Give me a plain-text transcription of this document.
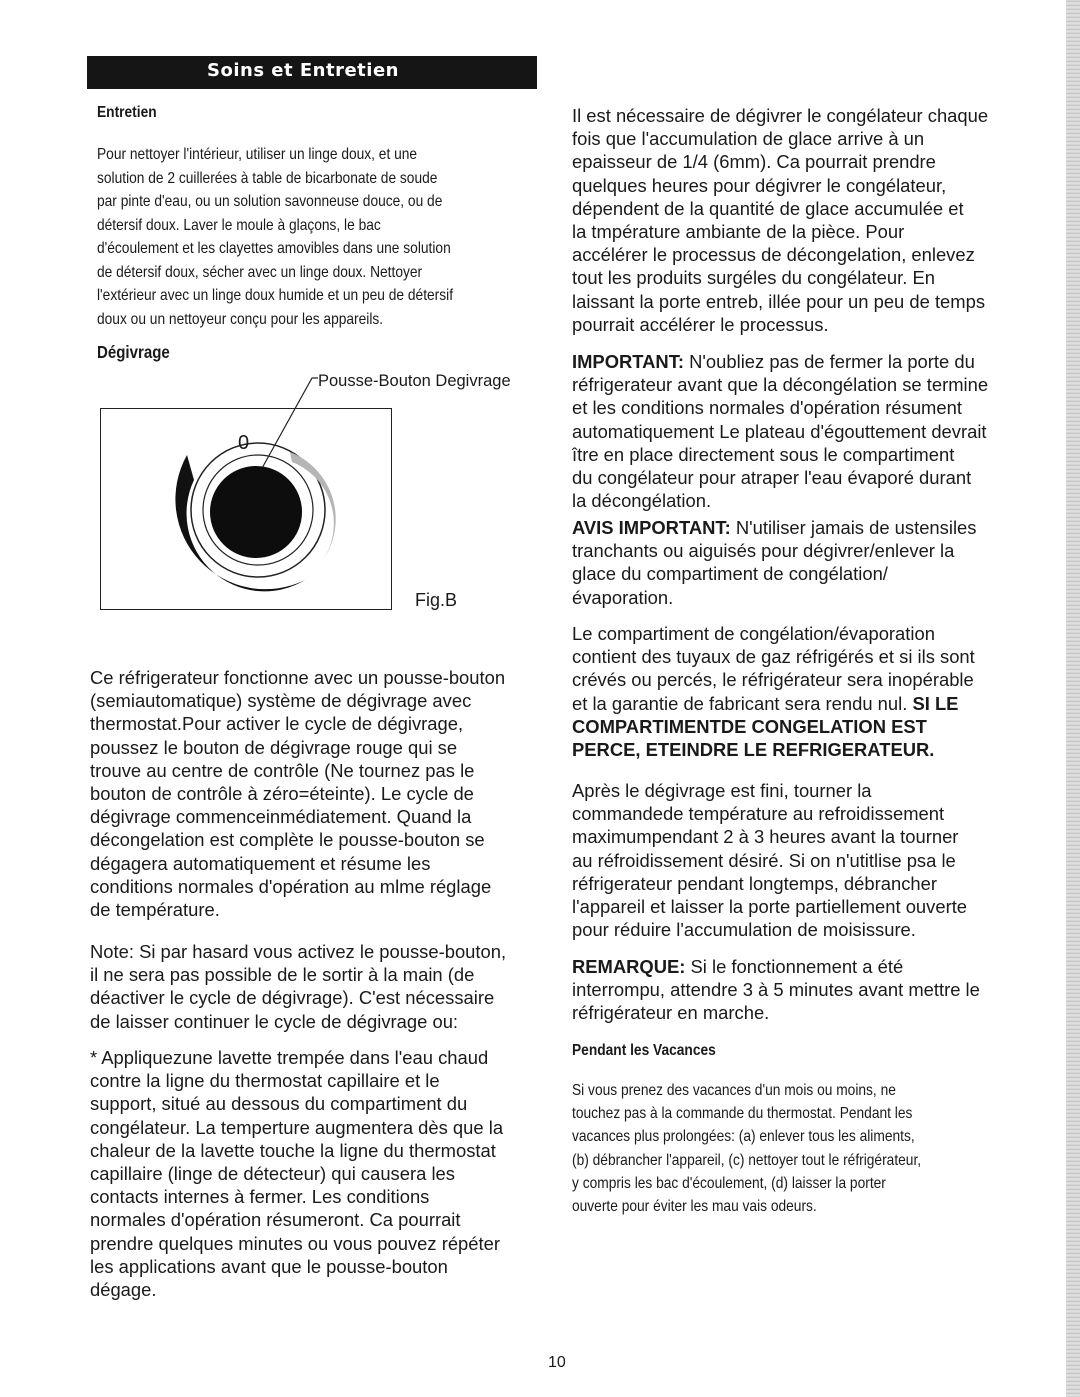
Soins et Entretien
Entretien
Pour nettoyer l'intérieur, utiliser un linge doux, et une
solution de 2 cuillerées à table de bicarbonate de soude
par pinte d'eau, ou un solution savonneuse douce, ou de
détersif doux. Laver le moule à glaçons, le bac
d'écoulement et les clayettes amovibles dans une solution
de détersif doux, sécher avec un linge doux. Nettoyer
l'extérieur avec un linge doux humide et un peu de détersif
doux ou un nettoyeur conçu pour les appareils.
Dégivrage
Pousse-Bouton Degivrage
0
Fig.B
Ce réfrigerateur fonctionne avec un pousse-bouton
(semiautomatique) système de dégivrage avec
thermostat.Pour activer le cycle de dégivrage,
poussez le bouton de dégivrage rouge qui se
trouve au centre de contrôle (Ne tournez pas le
bouton de contrôle à zéro=éteinte). Le cycle de
dégivrage commenceinmédiatement. Quand la
décongelation est complète le pousse-bouton se
dégagera automatiquement et résume les
conditions normales d'opération au mlme réglage
de température.
Note: Si par hasard vous activez le pousse-bouton,
il ne sera pas possible de le sortir à la main (de
déactiver le cycle de dégivrage). C'est nécessaire
de laisser continuer le cycle de dégivrage ou:
* Appliquezune lavette trempée dans l'eau chaud
contre la ligne du thermostat capillaire et le
support, situé au dessous du compartiment du
congélateur. La temperture augmentera dès que la
chaleur de la lavette touche la ligne du thermostat
capillaire (linge de détecteur) qui causera les
contacts internes à fermer. Les conditions
normales d'opération résumeront. Ca pourrait
prendre quelques minutes ou vous pouvez répéter
les applications avant que le pousse-bouton
dégage.
Il est nécessaire de dégivrer le congélateur chaque
fois que l'accumulation de glace arrive à un
epaisseur de 1/4 (6mm). Ca pourrait prendre
quelques heures pour dégivrer le congélateur,
dépendent de la quantité de glace accumulée et
la tmpérature ambiante de la pièce. Pour
accélérer le processus de décongelation, enlevez
tout les produits surgéles du congélateur. En
laissant la porte entreb, illée pour un peu de temps
pourrait accélérer le processus.
IMPORTANT: N'oubliez pas de fermer la porte du
réfrigerateur avant que la décongélation se termine
et les conditions normales d'opération résument
automatiquement Le plateau d'égouttement devrait
ître en place directement sous le compartiment
du congélateur pour atraper l'eau évaporé durant
la décongélation.
AVIS IMPORTANT: N'utiliser jamais de ustensiles
tranchants ou aiguisés pour dégivrer/enlever la
glace du compartiment de congélation/
évaporation.
Le compartiment de congélation/évaporation
contient des tuyaux de gaz réfrigérés et si ils sont
crévés ou percés, le réfrigérateur sera inopérable
et la garantie de fabricant sera rendu nul. SI LE
COMPARTIMENTDE CONGELATION EST
PERCE, ETEINDRE LE REFRIGERATEUR.
Après le dégivrage est fini, tourner la
commandede température au refroidissement
maximumpendant 2 à 3 heures avant la tourner
au réfroidissement désiré. Si on n'utitlise psa le
réfrigerateur pendant longtemps, débrancher
l'appareil et laisser la porte partiellement ouverte
pour réduire l'accumulation de moisissure.
REMARQUE: Si le fonctionnement a été
interrompu, attendre 3 à 5 minutes avant mettre le
réfrigérateur en marche.
Pendant les Vacances
Si vous prenez des vacances d'un mois ou moins, ne
touchez pas à la commande du thermostat. Pendant les
vacances plus prolongées: (a) enlever tous les aliments,
(b) débrancher l'appareil, (c) nettoyer tout le réfrigérateur,
y compris les bac d'écoulement, (d) laisser la porter
ouverte pour éviter les mau vais odeurs.
10
